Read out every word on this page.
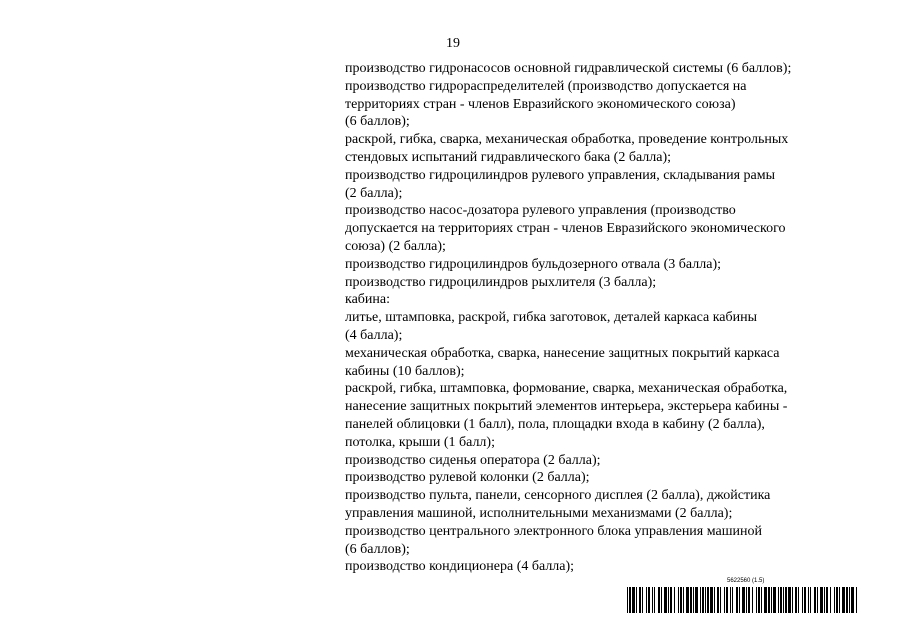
19
производство гидронасосов основной гидравлической системы (6 баллов);
производство гидрораспределителей (производство допускается на
территориях стран - членов Евразийского экономического союза)
(6 баллов);
раскрой, гибка, сварка, механическая обработка, проведение контрольных
стендовых испытаний гидравлического бака (2 балла);
производство гидроцилиндров рулевого управления, складывания рамы
(2 балла);
производство насос-дозатора рулевого управления (производство
допускается на территориях стран - членов Евразийского экономического
союза) (2 балла);
производство гидроцилиндров бульдозерного отвала (3 балла);
производство гидроцилиндров рыхлителя (3 балла);
кабина:
литье, штамповка, раскрой, гибка заготовок, деталей каркаса кабины
(4 балла);
механическая обработка, сварка, нанесение защитных покрытий каркаса
кабины (10 баллов);
раскрой, гибка, штамповка, формование, сварка, механическая обработка,
нанесение защитных покрытий элементов интерьера, экстерьера кабины -
панелей облицовки (1 балл), пола, площадки входа в кабину (2 балла),
потолка, крыши (1 балл);
производство сиденья оператора (2 балла);
производство рулевой колонки (2 балла);
производство пульта, панели, сенсорного дисплея (2 балла), джойстика
управления машиной, исполнительными механизмами (2 балла);
производство центрального электронного блока управления машиной
(6 баллов);
производство кондиционера (4 балла);
5622560 (1.5)
